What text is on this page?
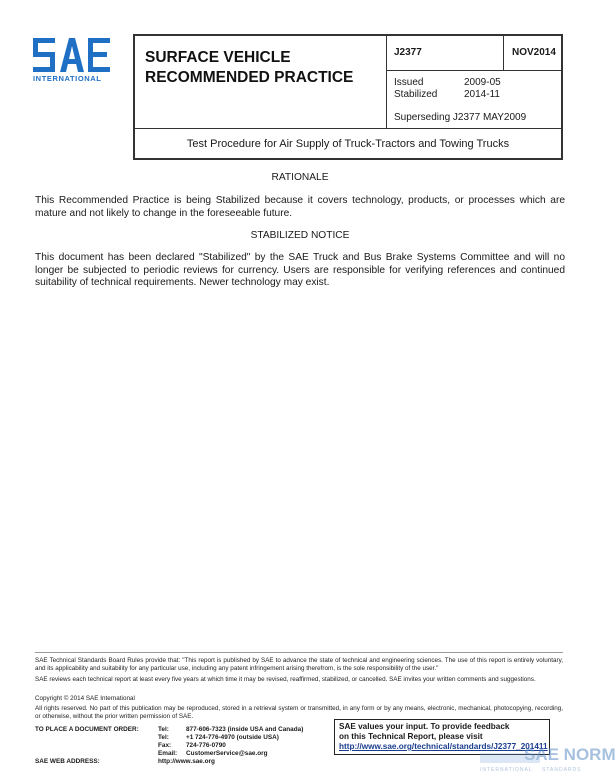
INTERNATIONAL
SURFACE VEHICLE
RECOMMENDED PRACTICE
J2377	NOV2014
Issued	2009-05
Stabilized	2014-11
Superseding J2377 MAY2009
Test Procedure for Air Supply of Truck-Tractors and Towing Trucks
RATIONALE
This Recommended Practice is being Stabilized because it covers technology, products, or processes which are mature and not likely to change in the foreseeable future.
STABILIZED NOTICE
This document has been declared "Stabilized" by the SAE Truck and Bus Brake Systems Committee and will no longer be subjected to periodic reviews for currency. Users are responsible for verifying references and continued suitability of technical requirements. Newer technology may exist.
SAE Technical Standards Board Rules provide that: "This report is published by SAE to advance the state of technical and engineering sciences. The use of this report is entirely voluntary, and its applicability and suitability for any particular use, including any patent infringement arising therefrom, is the sole responsibility of the user."
SAE reviews each technical report at least every five years at which time it may be revised, reaffirmed, stabilized, or cancelled. SAE invites your written comments and suggestions.
Copyright © 2014 SAE International
All rights reserved. No part of this publication may be reproduced, stored in a retrieval system or transmitted, in any form or by any means, electronic, mechanical, photocopying, recording, or otherwise, without the prior written permission of SAE.
TO PLACE A DOCUMENT ORDER:	Tel:	877-606-7323 (inside USA and Canada)
Tel:	+1 724-776-4970 (outside USA)
Fax:	724-776-0790
Email:	CustomerService@sae.org
SAE WEB ADDRESS:	http://www.sae.org
SAE values your input. To provide feedback
on this Technical Report, please visit
http://www.sae.org/technical/standards/J2377_201411
SAE NORM
INTERNATIONAL STANDARDS
